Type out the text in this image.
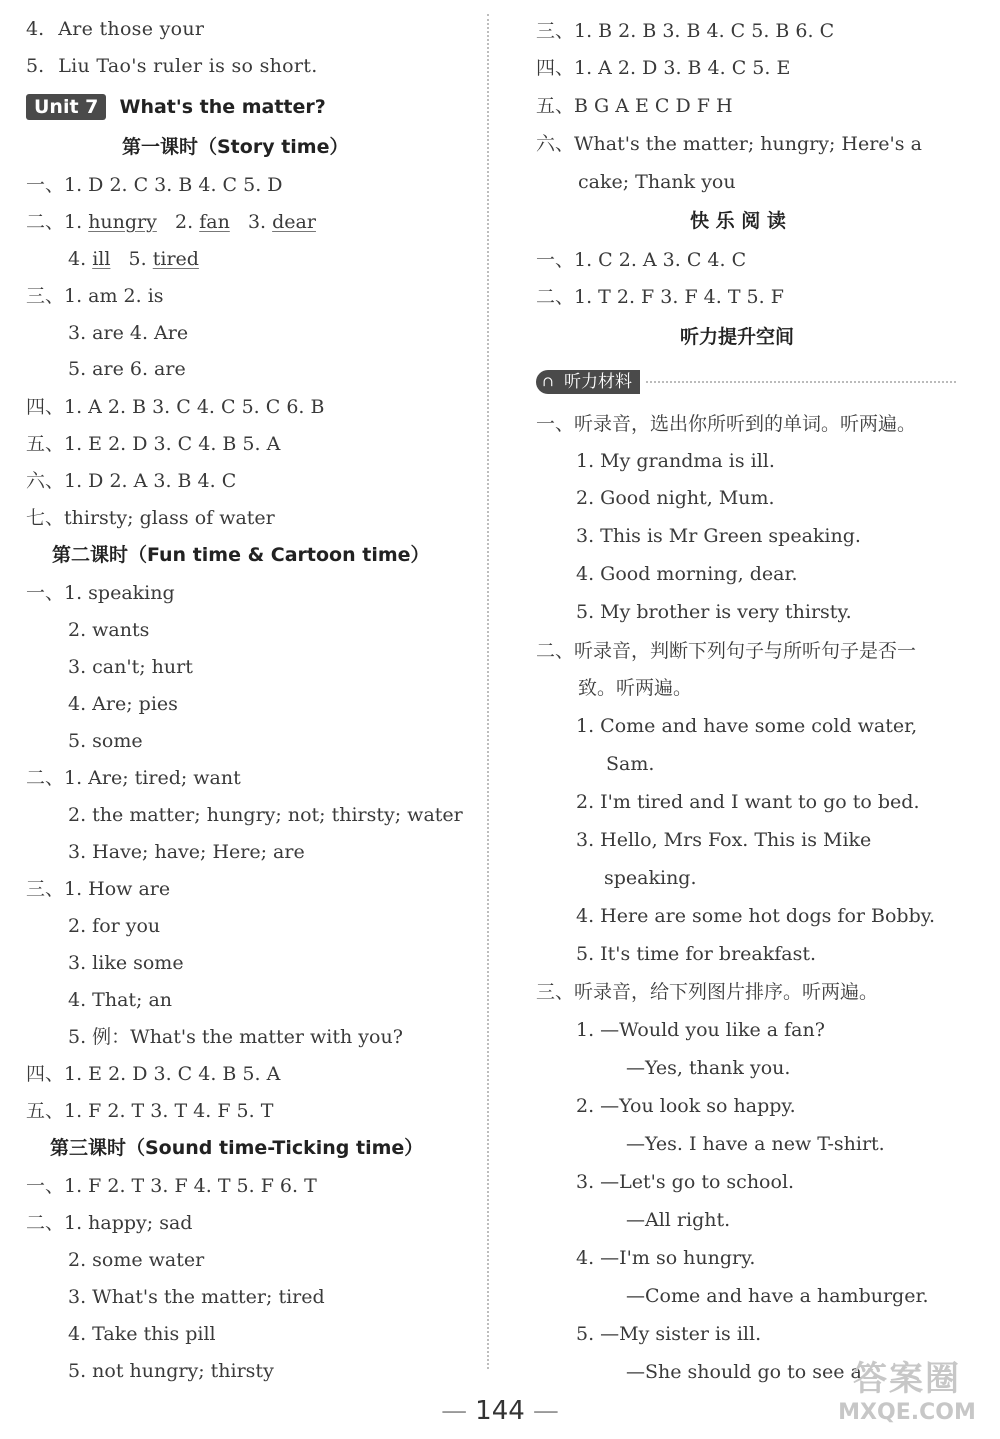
4. Are those your
5. Liu Tao's ruler is so short.
Unit 7 What's the matter?
第一课时（Story time）
一、1. D 2. C 3. B 4. C 5. D
二、1. hungry 2. fan 3. dear
4. ill 5. tired
三、1. am 2. is
3. are 4. Are
5. are 6. are
四、1. A 2. B 3. C 4. C 5. C 6. B
五、1. E 2. D 3. C 4. B 5. A
六、1. D 2. A 3. B 4. C
七、thirsty; glass of water
第二课时（Fun time & Cartoon time）
一、1. speaking
2. wants
3. can't; hurt
4. Are; pies
5. some
二、1. Are; tired; want
2. the matter; hungry; not; thirsty; water
3. Have; have; Here; are
三、1. How are
2. for you
3. like some
4. That; an
5. 例：What's the matter with you?
四、1. E 2. D 3. C 4. B 5. A
五、1. F 2. T 3. T 4. F 5. T
第三课时（Sound time-Ticking time）
一、1. F 2. T 3. F 4. T 5. F 6. T
二、1. happy; sad
2. some water
3. What's the matter; tired
4. Take this pill
5. not hungry; thirsty
三、1. B 2. B 3. B 4. C 5. B 6. C
四、1. A 2. D 3. B 4. C 5. E
五、B G A E C D F H
六、What's the matter; hungry; Here's a
cake; Thank you
快 乐 阅 读
一、1. C 2. A 3. C 4. C
二、1. T 2. F 3. F 4. T 5. F
听力提升空间
∩ 听力材料
一、听录音，选出你所听到的单词。听两遍。
1. My grandma is ill.
2. Good night, Mum.
3. This is Mr Green speaking.
4. Good morning, dear.
5. My brother is very thirsty.
二、听录音，判断下列句子与所听句子是否一
致。听两遍。
1. Come and have some cold water,
Sam.
2. I'm tired and I want to go to bed.
3. Hello, Mrs Fox. This is Mike
speaking.
4. Here are some hot dogs for Bobby.
5. It's time for breakfast.
三、听录音，给下列图片排序。听两遍。
1. —Would you like a fan?
—Yes, thank you.
2. —You look so happy.
—Yes. I have a new T-shirt.
3. —Let's go to school.
—All right.
4. —I'm so hungry.
—Come and have a hamburger.
5. —My sister is ill.
—She should go to see a
— 144 —
答案圈
MXQE.COM
